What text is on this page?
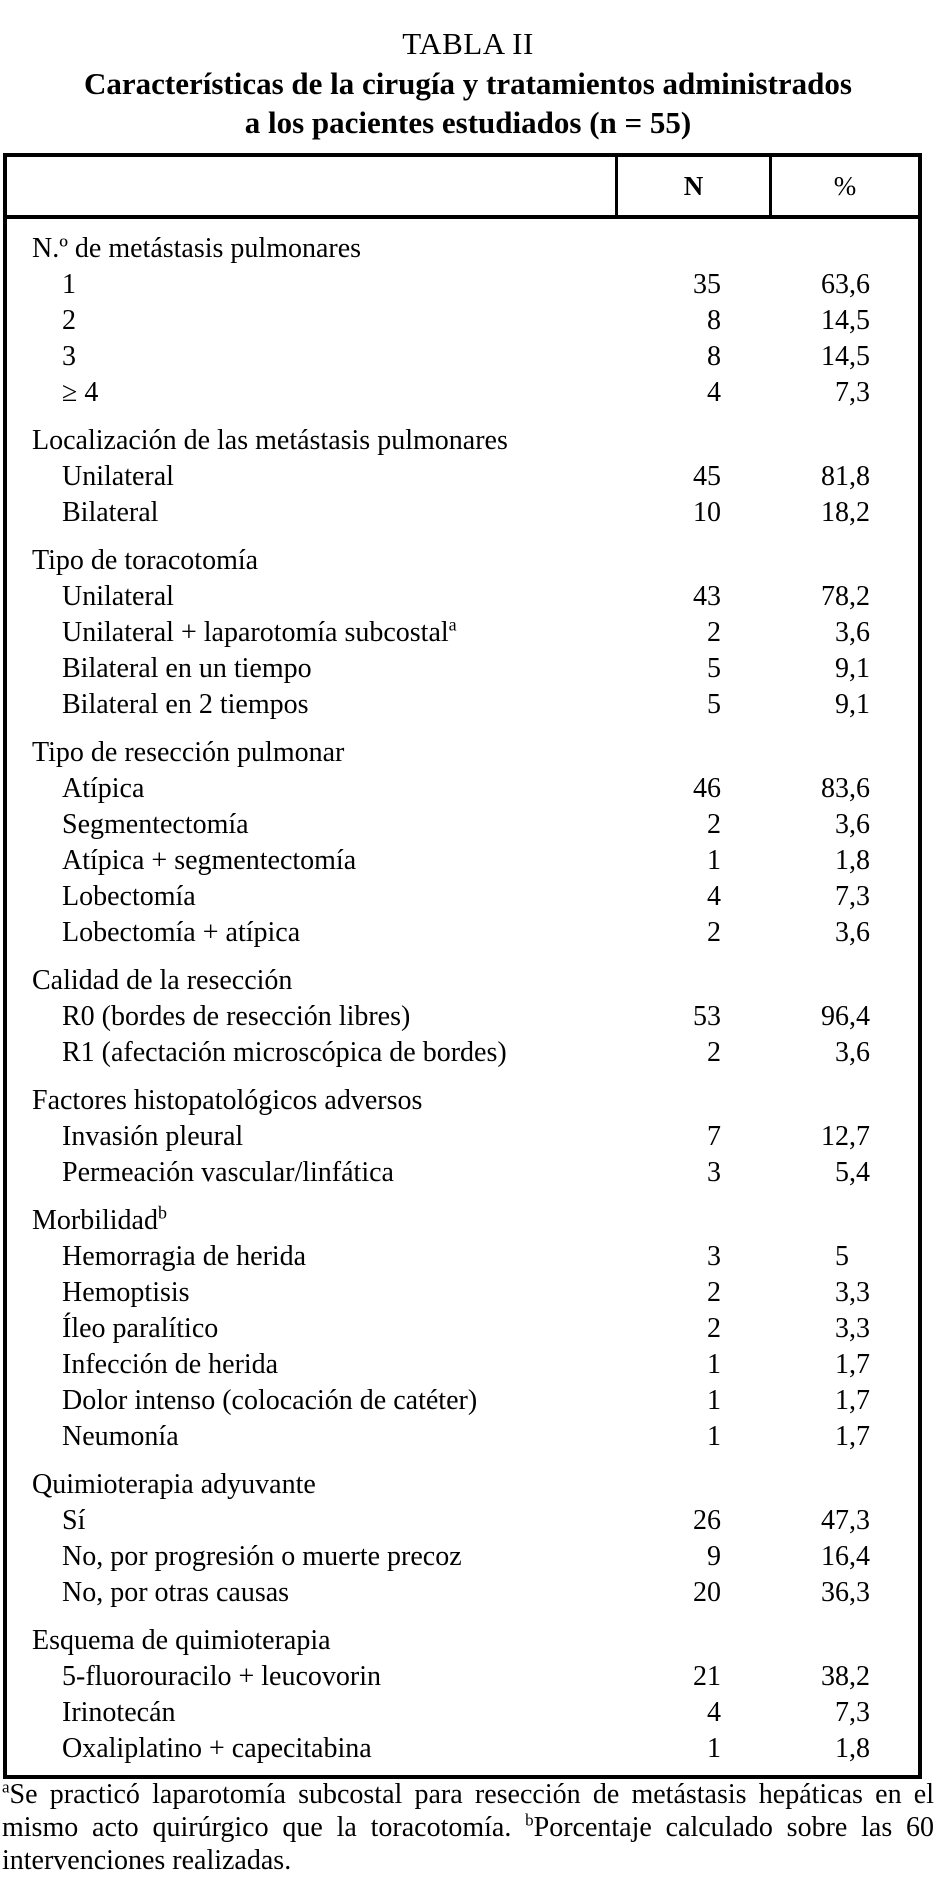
TABLA II
Características de la cirugía y tratamientos administrados
a los pacientes estudiados (n = 55)
N	%
N.º de metástasis pulmonares
1	35	63 ,6
2	8	14 ,5
3	8	14 ,5
≥ 4	4	7 ,3
Localización de las metástasis pulmonares
Unilateral	45	81 ,8
Bilateral	10	18 ,2
Tipo de toracotomía
Unilateral	43	78 ,2
Unilateral + laparotomía subcostal$^a$	2	3 ,6
Bilateral en un tiempo	5	9 ,1
Bilateral en 2 tiempos	5	9 ,1
Tipo de resección pulmonar
Atípica	46	83 ,6
Segmentectomía	2	3 ,6
Atípica + segmentectomía	1	1 ,8
Lobectomía	4	7 ,3
Lobectomía + atípica	2	3 ,6
Calidad de la resección
R0 (bordes de resección libres)	53	96 ,4
R1 (afectación microscópica de bordes)	2	3 ,6
Factores histopatológicos adversos
Invasión pleural	7	12 ,7
Permeación vascular/linfática	3	5 ,4
Morbilidad$^b$
Hemorragia de herida	3	5
Hemoptisis	2	3 ,3
Íleo paralítico	2	3 ,3
Infección de herida	1	1 ,7
Dolor intenso (colocación de catéter)	1	1 ,7
Neumonía	1	1 ,7
Quimioterapia adyuvante
Sí	26	47 ,3
No, por progresión o muerte precoz	9	16 ,4
No, por otras causas	20	36 ,3
Esquema de quimioterapia
5-fluorouracilo + leucovorin	21	38 ,2
Irinotecán	4	7 ,3
Oxaliplatino + capecitabina	1	1 ,8
$^a$Se practicó laparotomía subcostal para resección de metástasis hepáticas en el mismo acto quirúrgico que la toracotomía. $^b$Porcentaje calculado sobre las 60 intervenciones realizadas.
